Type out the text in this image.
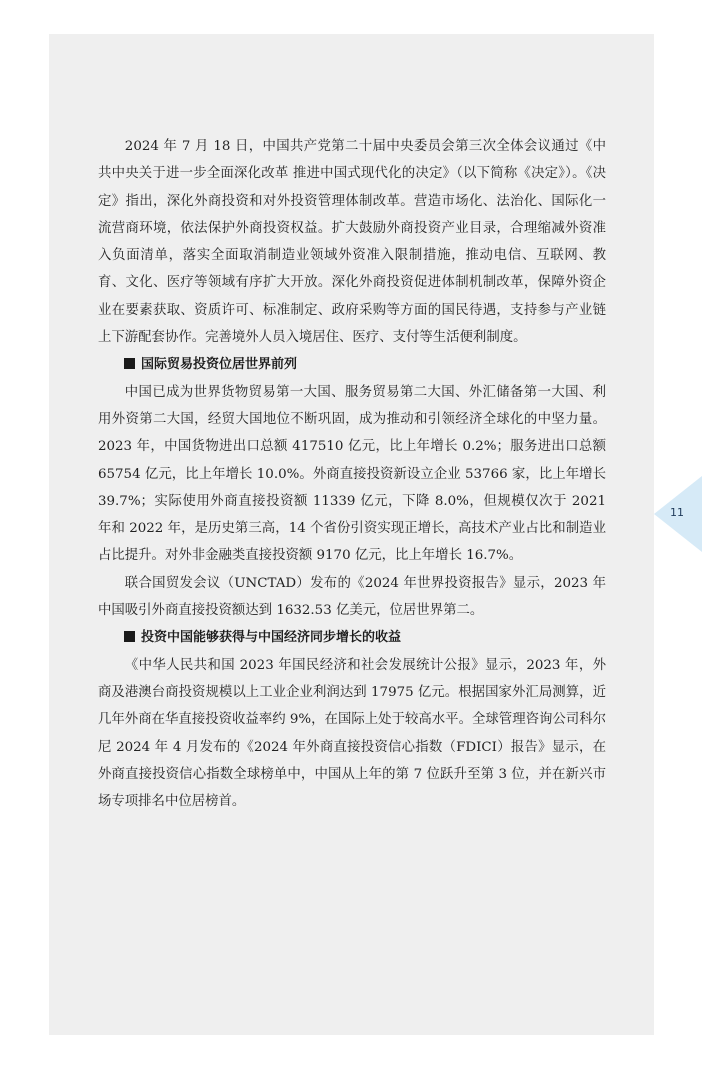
2024 年 7 月 18 日，中国共产党第二十届中央委员会第三次全体会议通过《中共中央关于进一步全面深化改革 推进中国式现代化的决定》（以下简称《决定》）。《决定》指出，深化外商投资和对外投资管理体制改革。营造市场化、法治化、国际化一流营商环境，依法保护外商投资权益。扩大鼓励外商投资产业目录，合理缩减外资准入负面清单，落实全面取消制造业领域外资准入限制措施，推动电信、互联网、教育、文化、医疗等领域有序扩大开放。深化外商投资促进体制机制改革，保障外资企业在要素获取、资质许可、标准制定、政府采购等方面的国民待遇，支持参与产业链上下游配套协作。完善境外人员入境居住、医疗、支付等生活便利制度。

国际贸易投资位居世界前列

中国已成为世界货物贸易第一大国、服务贸易第二大国、外汇储备第一大国、利用外资第二大国，经贸大国地位不断巩固，成为推动和引领经济全球化的中坚力量。2023 年，中国货物进出口总额 417510 亿元，比上年增长 0.2%；服务进出口总额 65754 亿元，比上年增长 10.0%。外商直接投资新设立企业 53766 家，比上年增长 39.7%；实际使用外商直接投资额 11339 亿元，下降 8.0%，但规模仅次于 2021 年和 2022 年，是历史第三高，14 个省份引资实现正增长，高技术产业占比和制造业占比提升。对外非金融类直接投资额 9170 亿元，比上年增长 16.7%。

联合国贸发会议（UNCTAD）发布的《2024 年世界投资报告》显示，2023 年中国吸引外商直接投资额达到 1632.53 亿美元，位居世界第二。

投资中国能够获得与中国经济同步增长的收益

《中华人民共和国 2023 年国民经济和社会发展统计公报》显示，2023 年，外商及港澳台商投资规模以上工业企业利润达到 17975 亿元。根据国家外汇局测算，近几年外商在华直接投资收益率约 9%，在国际上处于较高水平。全球管理咨询公司科尔尼 2024 年 4 月发布的《2024 年外商直接投资信心指数（FDICI）报告》显示，在外商直接投资信心指数全球榜单中，中国从上年的第 7 位跃升至第 3 位，并在新兴市场专项排名中位居榜首。

11
